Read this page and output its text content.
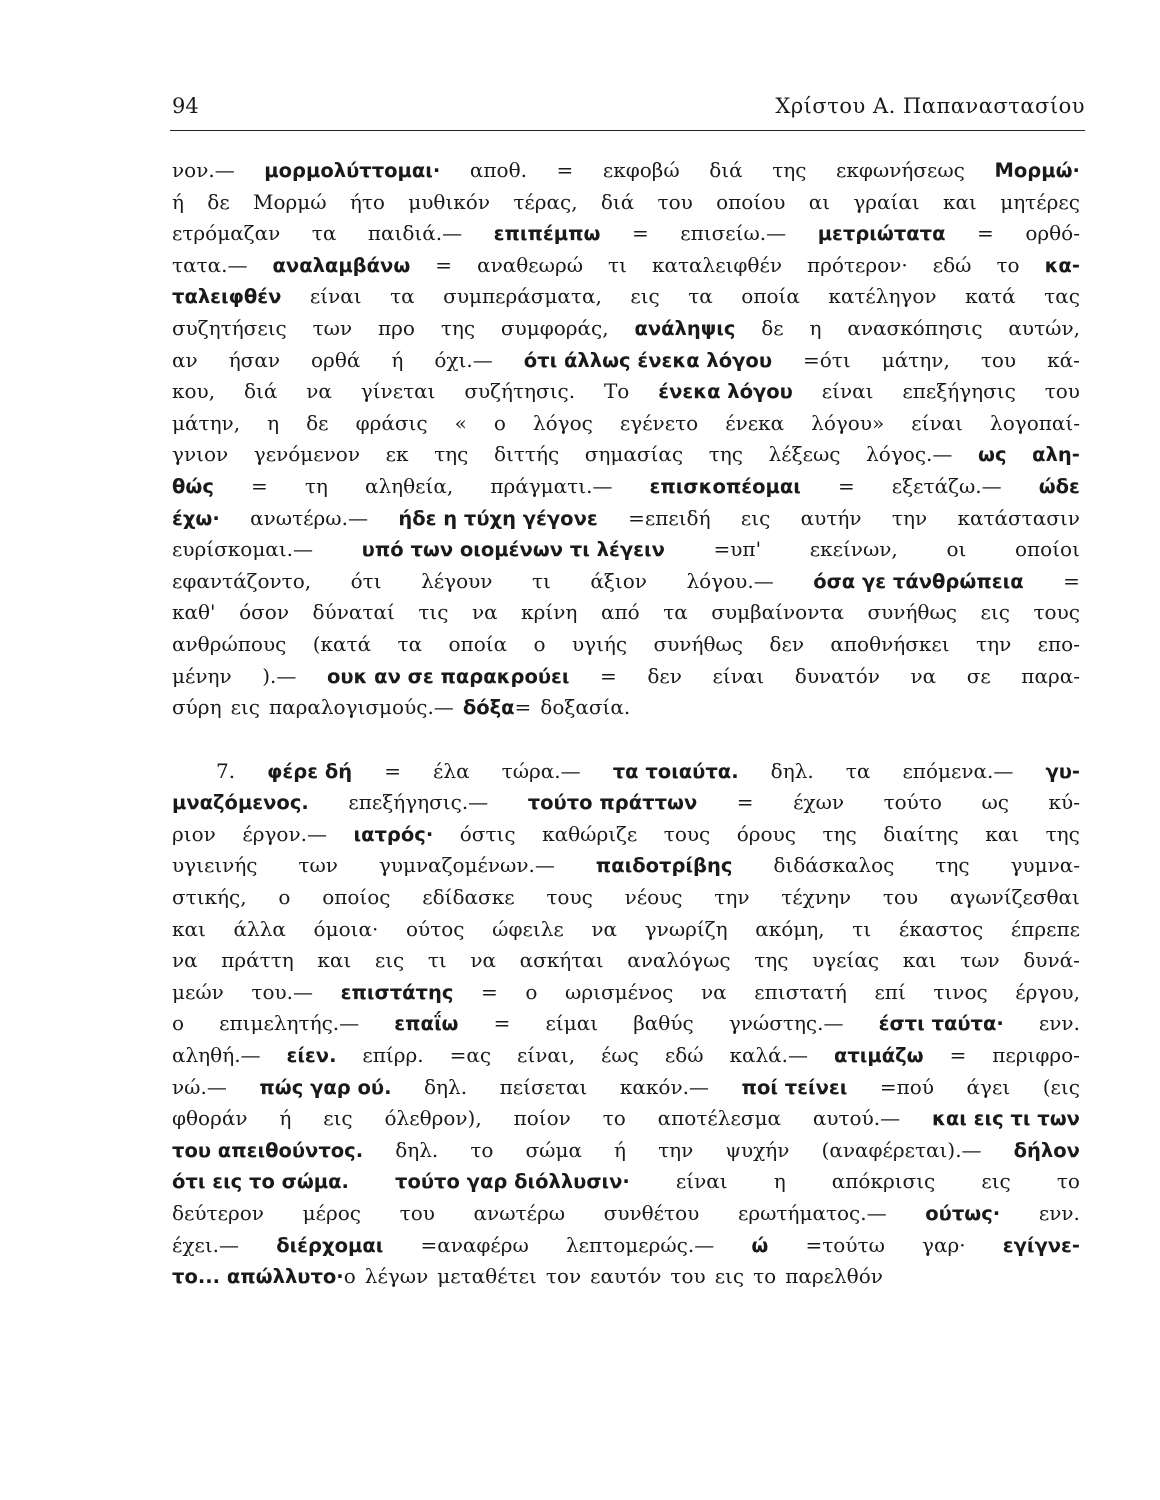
94	Χρίστου Α. Παπαναστασίου
νον.— μορμολύττομαι· αποθ. = εκφοβώ διά της εκφωνήσεως Μορμώ·
ή δε Μορμώ ήτο μυθικόν τέρας, διά του οποίου αι γραίαι και μητέρες
ετρόμαζαν τα παιδιά.— επιπέμπω = επισείω.— μετριώτατα = ορθό-
τατα.— αναλαμβάνω = αναθεωρώ τι καταλειφθέν πρότερον· εδώ το κα-
ταλειφθέν είναι τα συμπεράσματα, εις τα οποία κατέληγον κατά τας
συζητήσεις των προ της συμφοράς, ανάληψις δε η ανασκόπησις αυτών,
αν ήσαν ορθά ή όχι.— ότι άλλως ένεκα λόγου =ότι μάτην, του κά-
κου, διά να γίνεται συζήτησις. Το ένεκα λόγου είναι επεξήγησις του
μάτην, η δε φράσις « ο λόγος εγένετο ένεκα λόγου» είναι λογοπαί-
γνιον γενόμενον εκ της διττής σημασίας της λέξεως λόγος.— ως αλη-
θώς = τη αληθεία, πράγματι.— επισκοπέομαι = εξετάζω.— ώδε
έχω· ανωτέρω.— ήδε η τύχη γέγονε =επειδή εις αυτήν την κατάστασιν
ευρίσκομαι.— υπό των οιομένων τι λέγειν =υπ' εκείνων, οι οποίοι
εφαντάζοντο, ότι λέγουν τι άξιον λόγου.— όσα γε τάνθρώπεια =
καθ' όσον δύναταί τις να κρίνη από τα συμβαίνοντα συνήθως εις τους
ανθρώπους (κατά τα οποία ο υγιής συνήθως δεν αποθνήσκει την επο-
μένην ).— ουκ αν σε παρακρούει = δεν είναι δυνατόν να σε παρα-
σύρη εις παραλογισμούς.— δόξα = δοξασία.
7. φέρε δή = έλα τώρα.— τα τοιαύτα. δηλ. τα επόμενα.— γυ-
μναζόμενος. επεξήγησις.— τούτο πράττων = έχων τούτο ως κύ-
ριον έργον.— ιατρός· όστις καθώριζε τους όρους της διαίτης και της
υγιεινής των γυμναζομένων.— παιδοτρίβης διδάσκαλος της γυμνα-
στικής, ο οποίος εδίδασκε τους νέους την τέχνην του αγωνίζεσθαι
και άλλα όμοια· ούτος ώφειλε να γνωρίζη ακόμη, τι έκαστος έπρεπε
να πράττη και εις τι να ασκήται αναλόγως της υγείας και των δυνά-
μεών του.— επιστάτης = ο ωρισμένος να επιστατή επί τινος έργου,
ο επιμελητής.— επαΐω = είμαι βαθύς γνώστης.— έστι ταύτα· ενν.
αληθή.— είεν. επίρρ. =ας είναι, έως εδώ καλά.— ατιμάζω = περιφρο-
νώ.— πώς γαρ ού. δηλ. πείσεται κακόν.— ποί τείνει =πού άγει (εις
φθοράν ή εις όλεθρον), ποίον το αποτέλεσμα αυτού.— και εις τι των
του απειθούντος. δηλ. το σώμα ή την ψυχήν (αναφέρεται).— δήλον
ότι εις το σώμα. τούτο γαρ διόλλυσιν· είναι η απόκρισις εις το
δεύτερον μέρος του ανωτέρω συνθέτου ερωτήματος.— ούτως· ενν.
έχει.— διέρχομαι =αναφέρω λεπτομερώς.— ώ =τούτω γαρ· εγίγνε-
το... απώλλυτο· ο λέγων μεταθέτει τον εαυτόν του εις το παρελθόν
